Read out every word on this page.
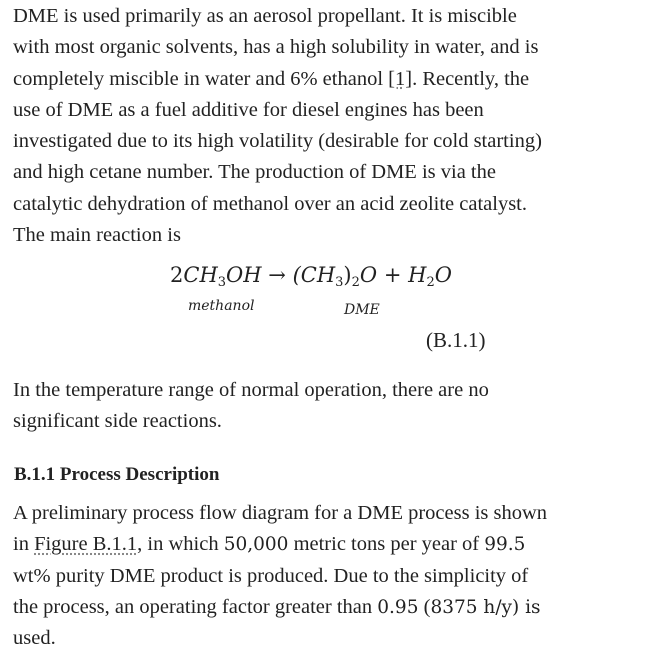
DME is used primarily as an aerosol propellant. It is miscible
with most organic solvents, has a high solubility in water, and is
completely miscible in water and 6% ethanol [1]. Recently, the
use of DME as a fuel additive for diesel engines has been
investigated due to its high volatility (desirable for cold starting)
and high cetane number. The production of DME is via the
catalytic dehydration of methanol over an acid zeolite catalyst.
The main reaction is
$2CH_3OH \to (CH_3)_2O + H_2O$
methanol	DME
(B.1.1)
In the temperature range of normal operation, there are no
significant side reactions.
B.1.1 Process Description
A preliminary process flow diagram for a DME process is shown
in Figure B.1.1, in which 50,000 metric tons per year of 99.5
wt% purity DME product is produced. Due to the simplicity of
the process, an operating factor greater than 0.95 (8375 h/y) is
used.
